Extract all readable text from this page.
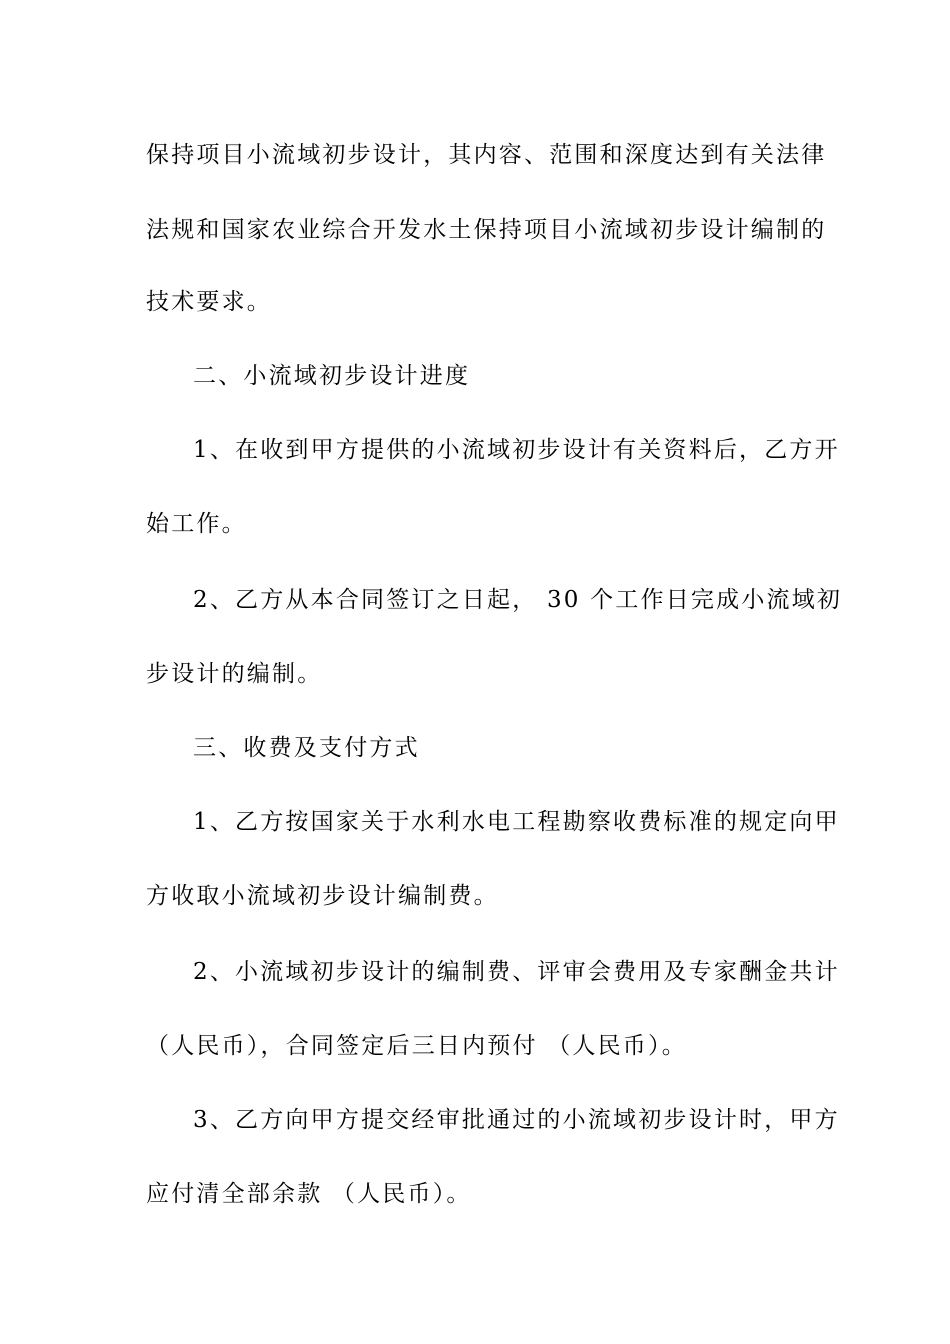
保持项目小流域初步设计，其内容、范围和深度达到有关法律
法规和国家农业综合开发水土保持项目小流域初步设计编制的
技术要求。
二、小流域初步设计进度
1、在收到甲方提供的小流域初步设计有关资料后，乙方开
始工作。
2、乙方从本合同签订之日起， 30 个工作日完成小流域初
步设计的编制。
三、收费及支付方式
1、乙方按国家关于水利水电工程勘察收费标准的规定向甲
方收取小流域初步设计编制费。
2、小流域初步设计的编制费、评审会费用及专家酬金共计
（人民币），合同签定后三日内预付 （人民币）。
3、乙方向甲方提交经审批通过的小流域初步设计时，甲方
应付清全部余款 （人民币）。
